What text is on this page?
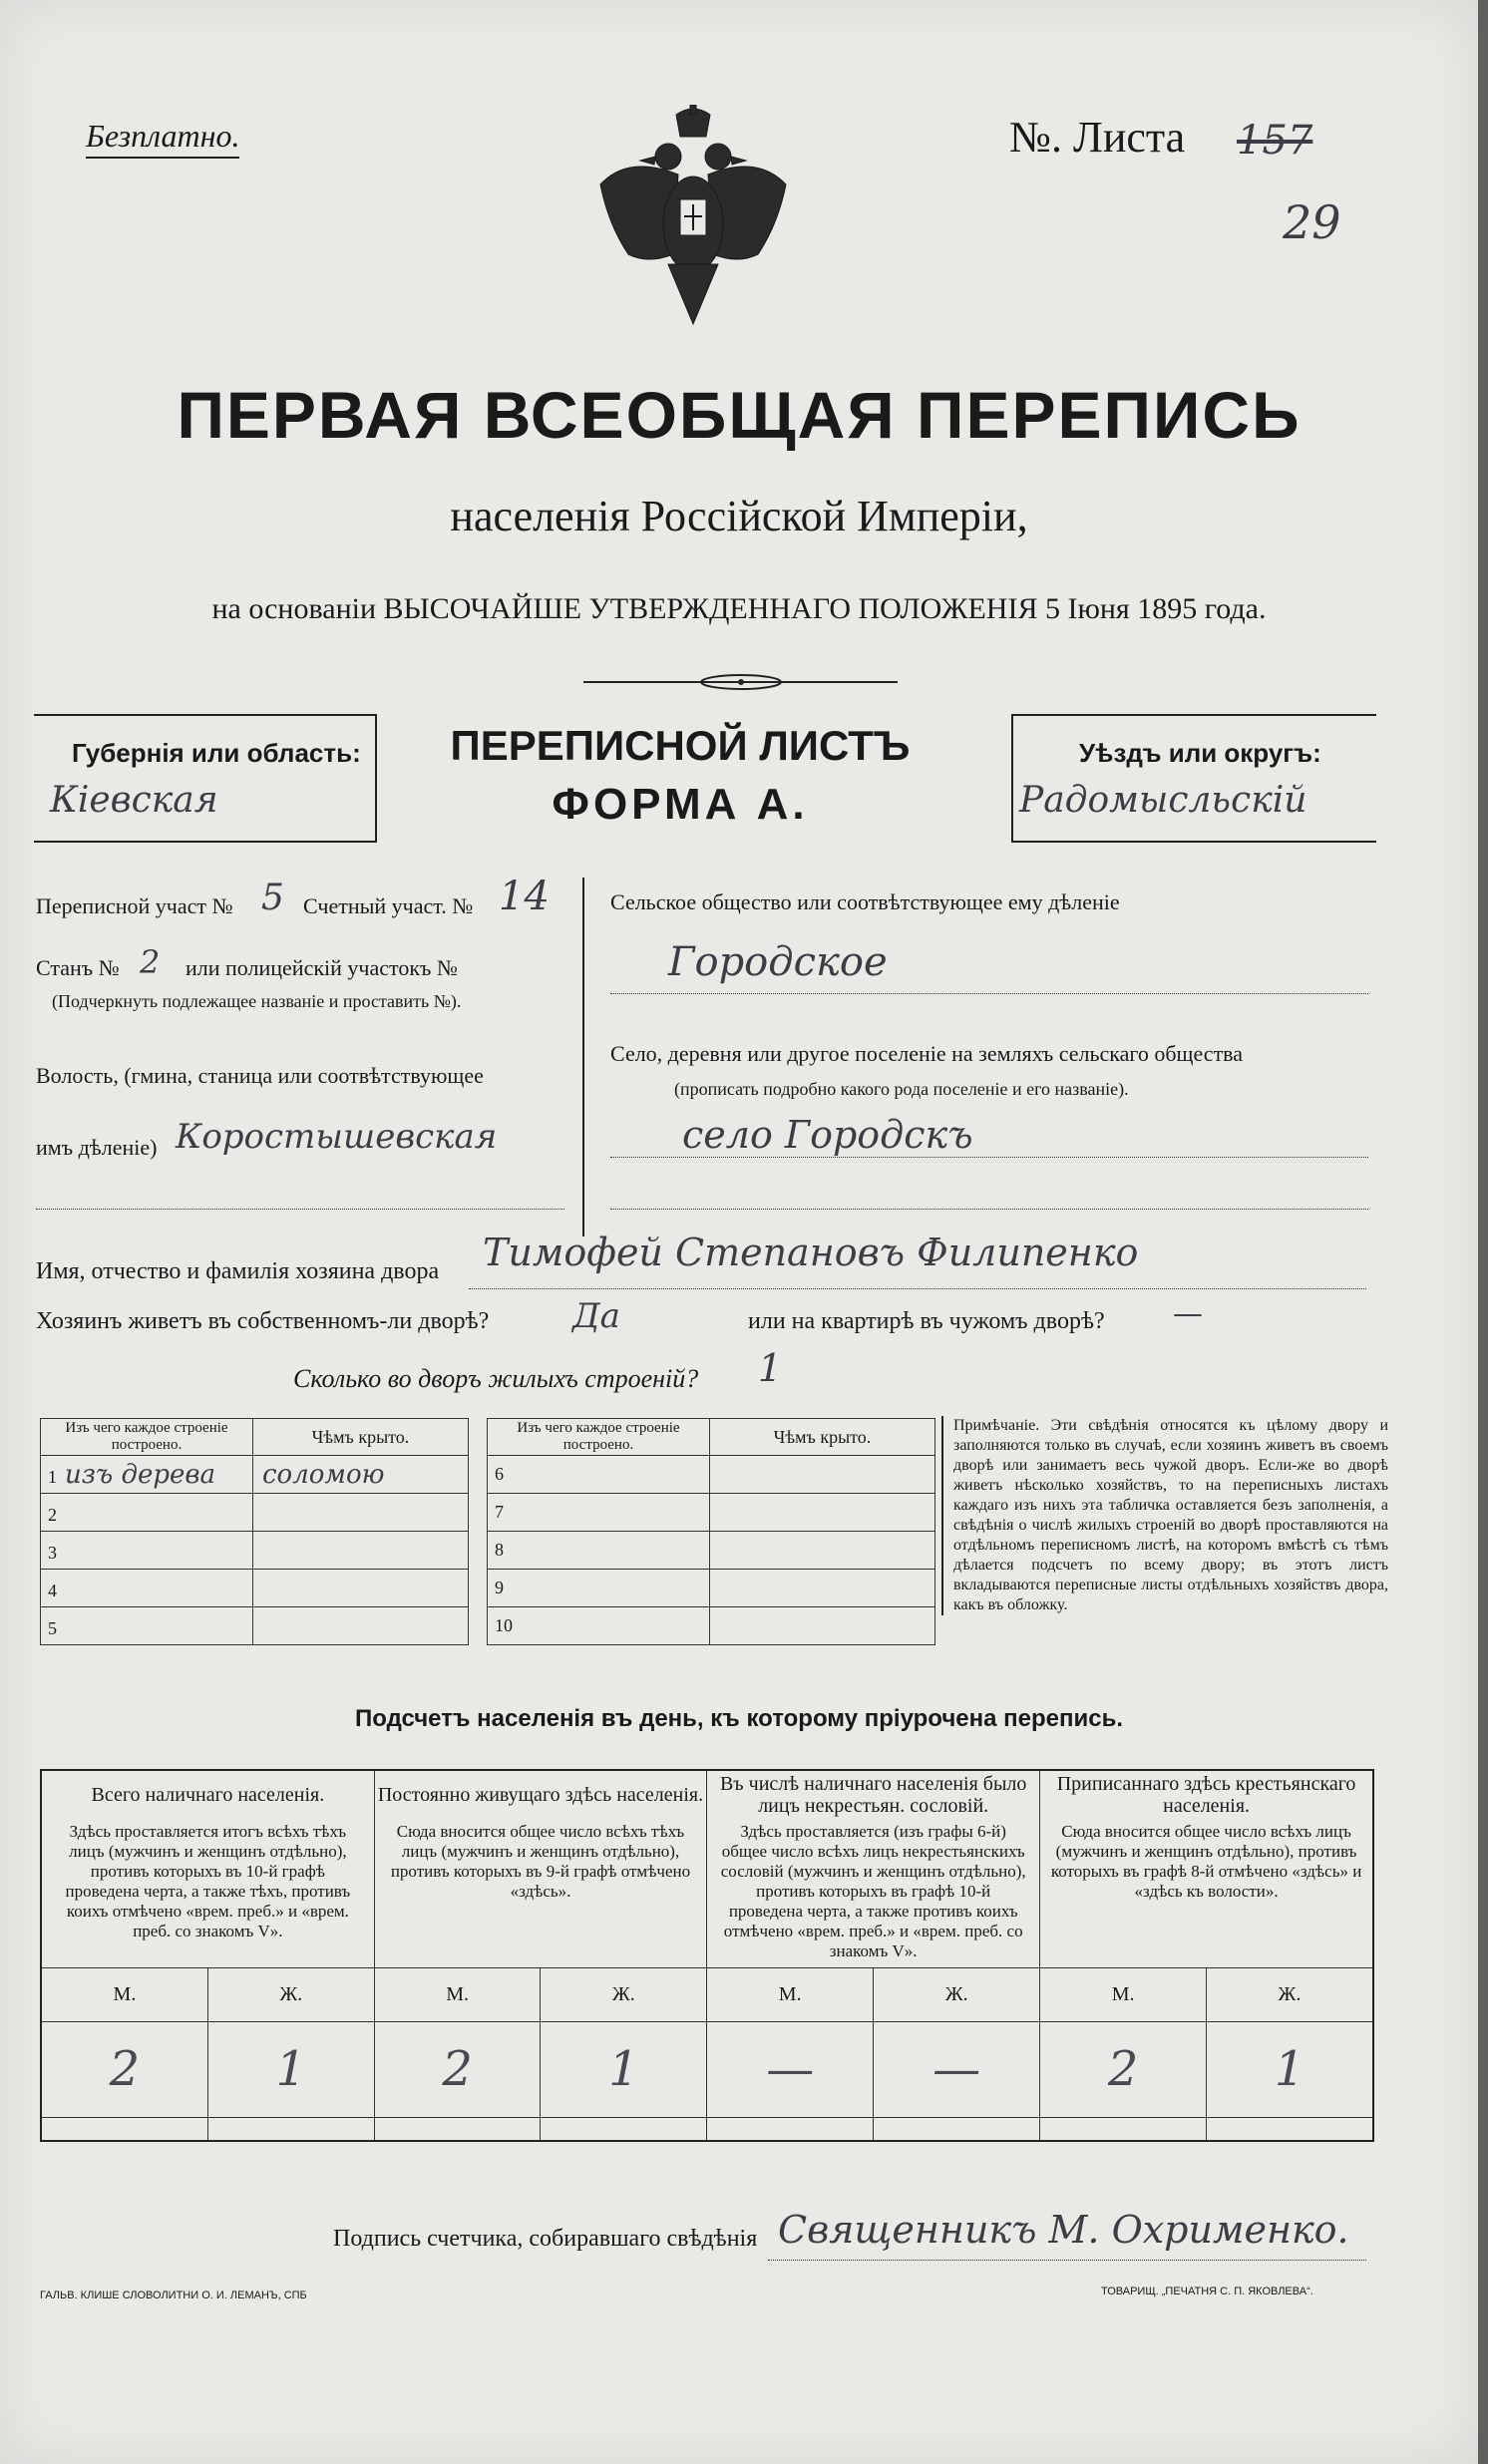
Безплатно.	№. Листа 157
29
ПЕРВАЯ ВСЕОБЩАЯ ПЕРЕПИСЬ
населенія Россійской Имперіи,
на основаніи ВЫСОЧАЙШЕ УТВЕРЖДЕННАГО ПОЛОЖЕНІЯ 5 Іюня 1895 года.
Губернія или область:
Кіевская
ПЕРЕПИСНОЙ ЛИСТЪ
ФОРМА А.
Уѣздъ или округъ:
Радомысльскій
Переписной участ № 5 Счетный участ. № 14
Станъ № 2 или полицейскій участокъ №
(Подчеркнуть подлежащее названіе и проставить №).
Волость, (гмина, станица или соотвѣтствующее
имъ дѣленіе) Коростышевская
Сельское общество или соотвѣтствующее ему дѣленіе
Городское
Село, деревня или другое поселеніе на земляхъ сельскаго общества
(прописать подробно какого рода поселеніе и его названіе).
село Городскъ
Имя, отчество и фамилія хозяина двора Тимофей Степановъ Филипенко
Хозяинъ живетъ въ собственномъ-ли дворѣ? Да	или на квартирѣ въ чужомъ дворѣ? —
Сколько во дворъ жилыхъ строеній? 1
Изъ чего каждое строеніе построено.	Чѣмъ крыто.
1 изъ дерева	соломою
2	
3	
4	
5	
Изъ чего каждое строеніе построено.	Чѣмъ крыто.
6	
7	
8	
9	
10	
Примѣчаніе. Эти свѣдѣнія относятся къ цѣлому двору и заполняются только въ случаѣ, если хозяинъ живетъ въ своемъ дворѣ или занимаетъ весь чужой дворъ. Если-же во дворѣ живетъ нѣсколько хозяйствъ, то на переписныхъ листахъ каждаго изъ нихъ эта табличка оставляется безъ заполненія, а свѣдѣнія о числѣ жилыхъ строеній во дворѣ проставляются на отдѣльномъ переписномъ листѣ, на которомъ вмѣстѣ съ тѣмъ дѣлается подсчетъ по всему двору; въ этотъ листъ вкладываются переписные листы отдѣльныхъ хозяйствъ двора, какъ въ обложку.
Подсчетъ населенія въ день, къ которому пріурочена перепись.
Всего наличнаго населенія.		Постоянно живущаго здѣсь населенія.		Въ числѣ наличнаго населенія было лицъ некрестьян. сословій.		Приписаннаго здѣсь крестьянскаго населенія.	
Здѣсь проставляется итогъ всѣхъ тѣхъ лицъ (мужчинъ и женщинъ отдѣльно), противъ которыхъ въ 10-й графѣ проведена черта, а также тѣхъ, противъ коихъ отмѣчено «врем. преб.» и «врем. преб. со знакомъ V».		Сюда вносится общее число всѣхъ тѣхъ лицъ (мужчинъ и женщинъ отдѣльно), противъ которыхъ въ 9-й графѣ отмѣчено «здѣсь».		Здѣсь проставляется (изъ графы 6-й) общее число всѣхъ лицъ некрестьянскихъ сословій (мужчинъ и женщинъ отдѣльно), противъ которыхъ въ графѣ 10-й проведена черта, а также противъ коихъ отмѣчено «врем. преб.» и «врем. преб. со знакомъ V».		Сюда вносится общее число всѣхъ лицъ (мужчинъ и женщинъ отдѣльно), противъ которыхъ въ графѣ 8-й отмѣчено «здѣсь» и «здѣсь къ волости».	
М.	Ж.	М.	Ж.	М.	Ж.	М.	Ж.
2	1	2	1	—	—	2	1

Подпись счетчика, собиравшаго свѣдѣнія Священникъ М. Охрименко.
ГАЛЬВ. КЛИШЕ СЛОВОЛИТНИ О. И. ЛЕМАНЪ, СПБ	ТОВАРИЩ. „ПЕЧАТНЯ С. П. ЯКОВЛЕВА“.
